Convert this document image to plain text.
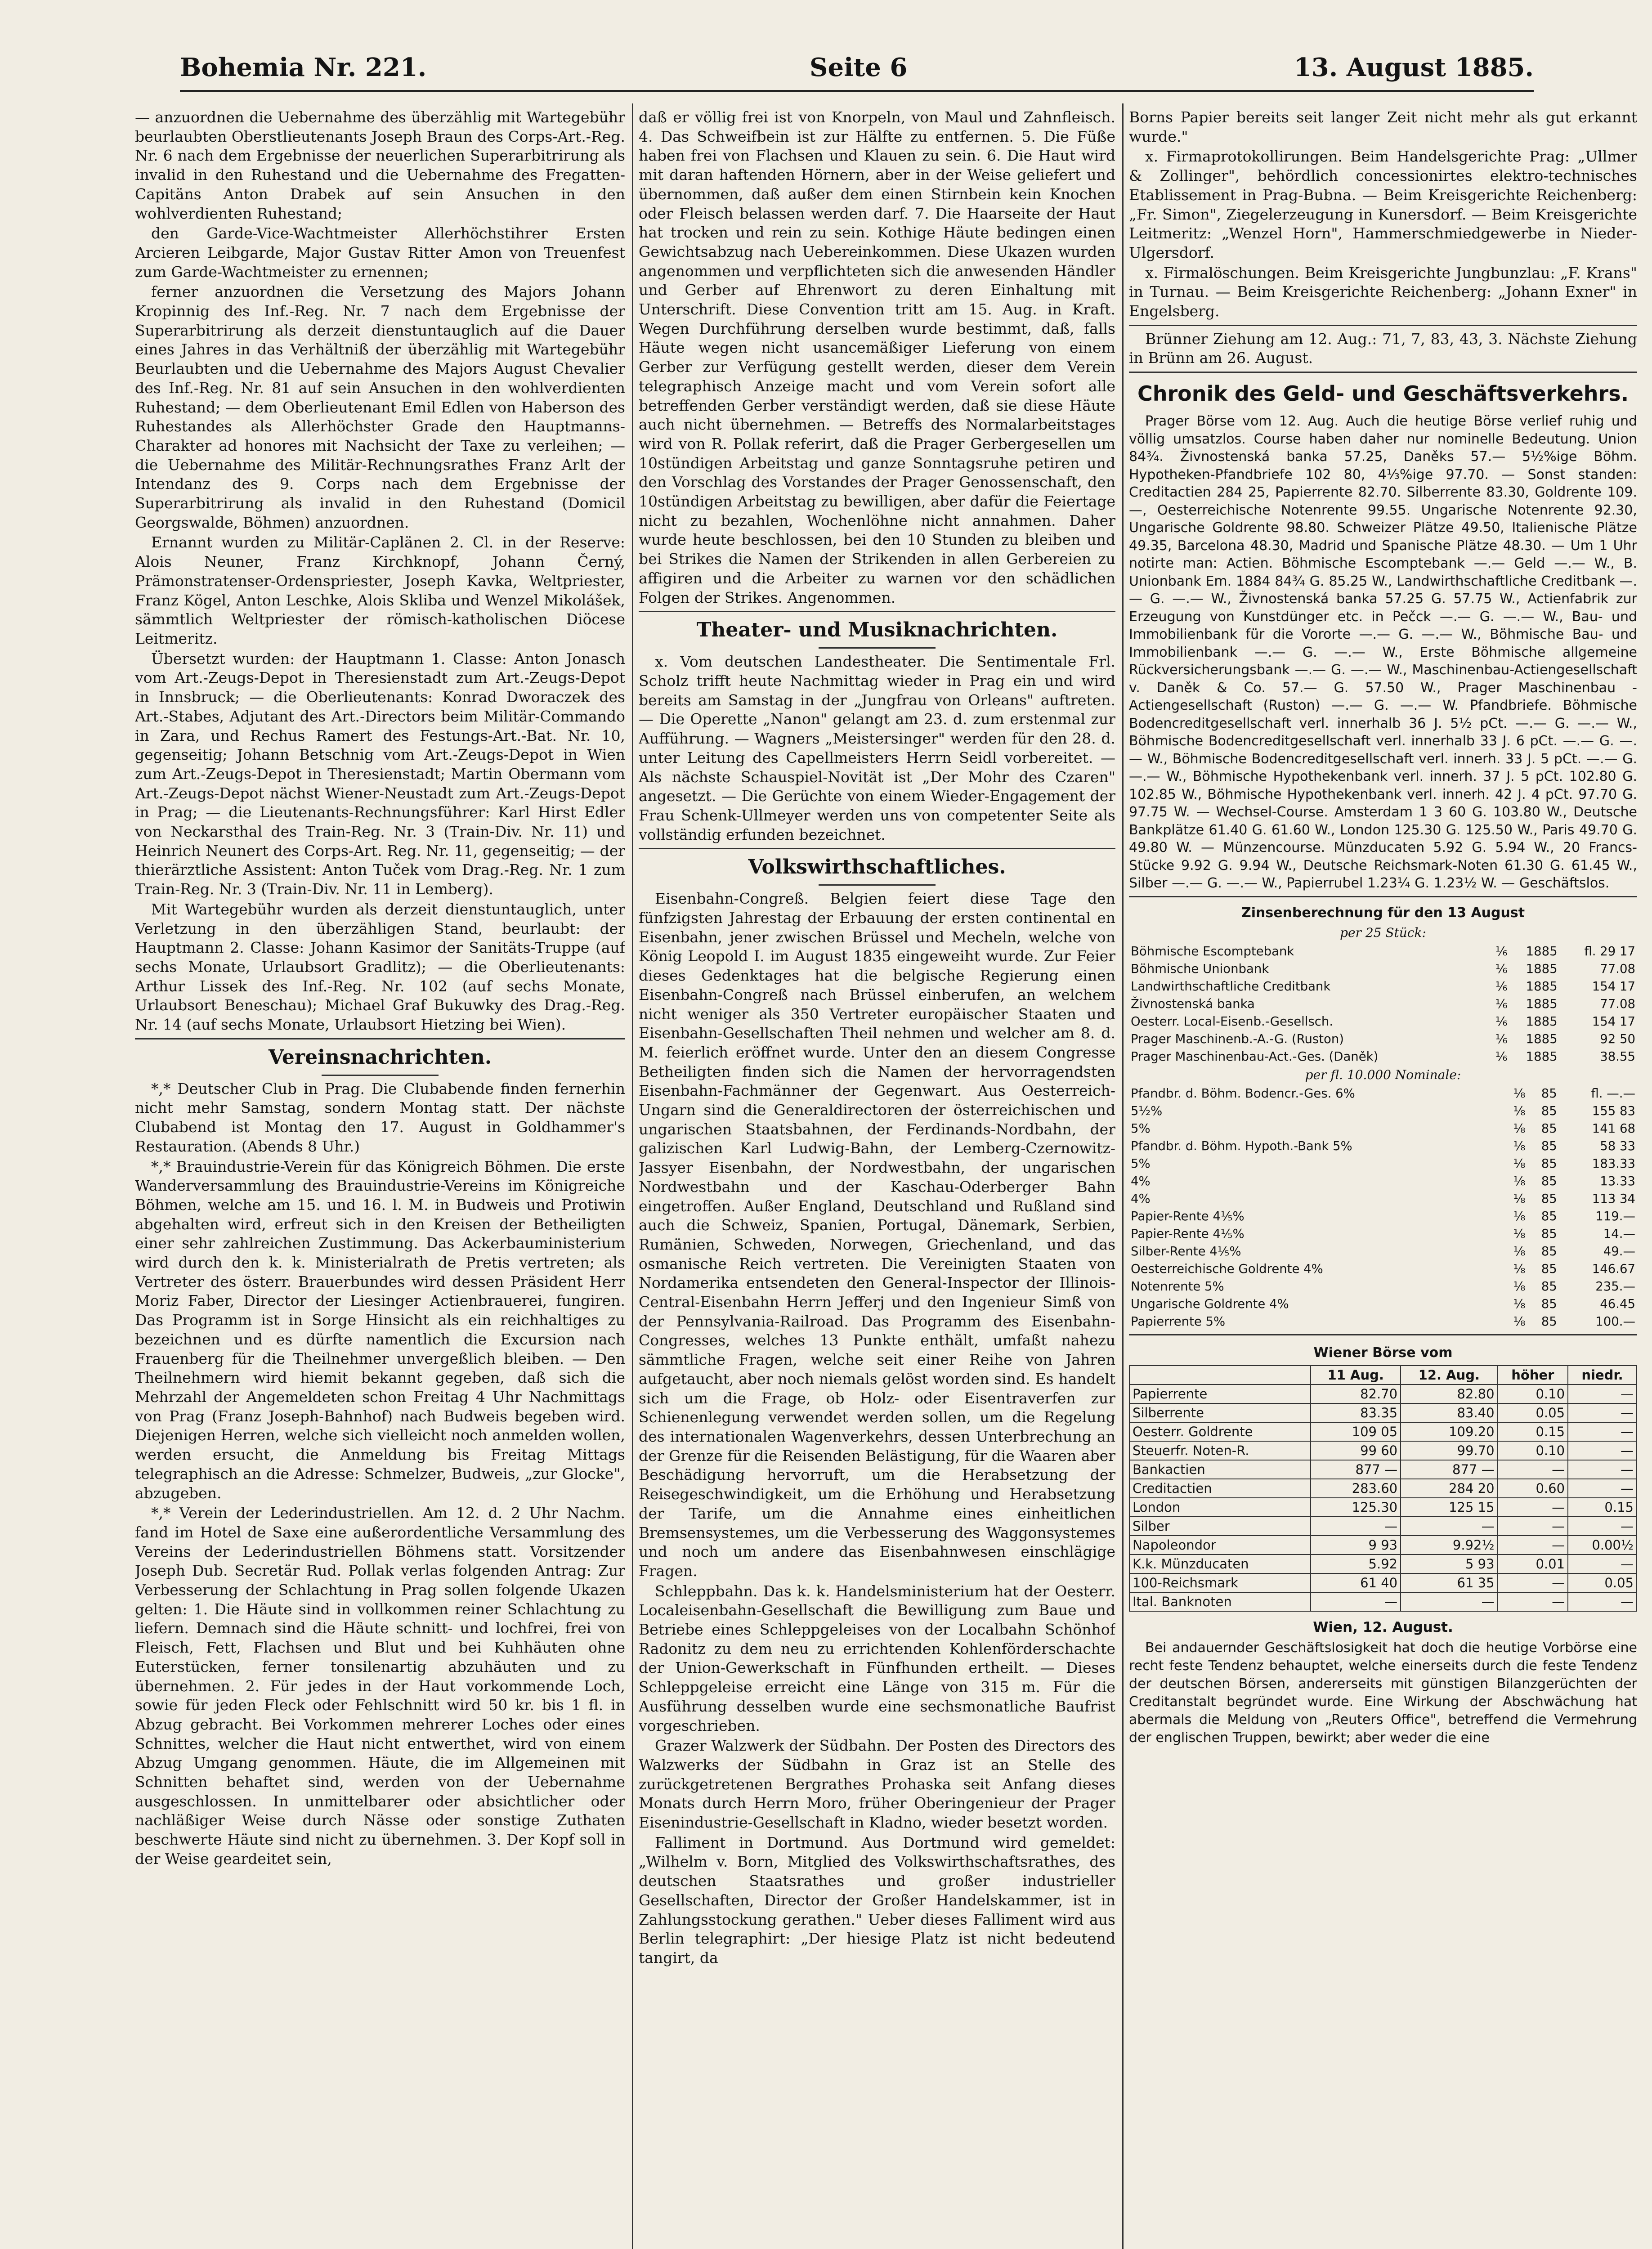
Bohemia Nr. 221.	Seite 6	13. August 1885.

— anzuordnen die Uebernahme des überzählig mit Wartegebühr beurlaubten Oberstlieutenants Joseph Braun des Corps-Art.-Reg. Nr. 6 nach dem Ergebnisse der neuerlichen Superarbitrirung als invalid in den Ruhestand und die Uebernahme des Fregatten-Capitäns Anton Drabek auf sein Ansuchen in den wohlverdienten Ruhestand;

den Garde-Vice-Wachtmeister Allerhöchstihrer Ersten Arcieren Leibgarde, Major Gustav Ritter Amon von Treuenfest zum Garde-Wachtmeister zu ernennen;

ferner anzuordnen die Versetzung des Majors Johann Kropinnig des Inf.-Reg. Nr. 7 nach dem Ergebnisse der Superarbitrirung als derzeit dienstuntauglich auf die Dauer eines Jahres in das Verhältniß der überzählig mit Wartegebühr Beurlaubten und die Uebernahme des Majors August Chevalier des Inf.-Reg. Nr. 81 auf sein Ansuchen in den wohlverdienten Ruhestand; — dem Oberlieutenant Emil Edlen von Haberson des Ruhestandes als Allerhöchster Grade den Hauptmanns-Charakter ad honores mit Nachsicht der Taxe zu verleihen; — die Uebernahme des Militär-Rechnungsrathes Franz Arlt der Intendanz des 9. Corps nach dem Ergebnisse der Superarbitrirung als invalid in den Ruhestand (Domicil Georgswalde, Böhmen) anzuordnen.

Ernannt wurden zu Militär-Caplänen 2. Cl. in der Reserve: Alois Neuner, Franz Kirchknopf, Johann Černý, Prämonstratenser-Ordenspriester, Joseph Kavka, Weltpriester, Franz Kögel, Anton Leschke, Alois Skliba und Wenzel Mikolášek, sämmtlich Weltpriester der römisch-katholischen Diöcese Leitmeritz.

Übersetzt wurden: der Hauptmann 1. Classe: Anton Jonasch vom Art.-Zeugs-Depot in Theresienstadt zum Art.-Zeugs-Depot in Innsbruck; — die Oberlieutenants: Konrad Dworaczek des Art.-Stabes, Adjutant des Art.-Directors beim Militär-Commando in Zara, und Rechus Ramert des Festungs-Art.-Bat. Nr. 10, gegenseitig; Johann Betschnig vom Art.-Zeugs-Depot in Wien zum Art.-Zeugs-Depot in Theresienstadt; Martin Obermann vom Art.-Zeugs-Depot nächst Wiener-Neustadt zum Art.-Zeugs-Depot in Prag; — die Lieutenants-Rechnungsführer: Karl Hirst Edler von Neckarsthal des Train-Reg. Nr. 3 (Train-Div. Nr. 11) und Heinrich Neunert des Corps-Art. Reg. Nr. 11, gegenseitig; — der thierärztliche Assistent: Anton Tuček vom Drag.-Reg. Nr. 1 zum Train-Reg. Nr. 3 (Train-Div. Nr. 11 in Lemberg).

Mit Wartegebühr wurden als derzeit dienstuntauglich, unter Verletzung in den überzähligen Stand, beurlaubt: der Hauptmann 2. Classe: Johann Kasimor der Sanitäts-Truppe (auf sechs Monate, Urlaubsort Gradlitz); — die Oberlieutenants: Arthur Lissek des Inf.-Reg. Nr. 102 (auf sechs Monate, Urlaubsort Beneschau); Michael Graf Bukuwky des Drag.-Reg. Nr. 14 (auf sechs Monate, Urlaubsort Hietzing bei Wien).

Vereinsnachrichten.

*,* Deutscher Club in Prag. Die Clubabende finden fernerhin nicht mehr Samstag, sondern Montag statt. Der nächste Clubabend ist Montag den 17. August in Goldhammer's Restauration. (Abends 8 Uhr.)

*,* Brauindustrie-Verein für das Königreich Böhmen. Die erste Wanderversammlung des Brauindustrie-Vereins im Königreiche Böhmen, welche am 15. und 16. l. M. in Budweis und Protiwin abgehalten wird, erfreut sich in den Kreisen der Betheiligten einer sehr zahlreichen Zustimmung. Das Ackerbauministerium wird durch den k. k. Ministerialrath de Pretis vertreten; als Vertreter des österr. Brauerbundes wird dessen Präsident Herr Moriz Faber, Director der Liesinger Actienbrauerei, fungiren. Das Programm ist in Sorge Hinsicht als ein reichhaltiges zu bezeichnen und es dürfte namentlich die Excursion nach Frauenberg für die Theilnehmer unvergeßlich bleiben. — Den Theilnehmern wird hiemit bekannt gegeben, daß sich die Mehrzahl der Angemeldeten schon Freitag 4 Uhr Nachmittags von Prag (Franz Joseph-Bahnhof) nach Budweis begeben wird. Diejenigen Herren, welche sich vielleicht noch anmelden wollen, werden ersucht, die Anmeldung bis Freitag Mittags telegraphisch an die Adresse: Schmelzer, Budweis, „zur Glocke", abzugeben.

*,* Verein der Lederindustriellen. Am 12. d. 2 Uhr Nachm. fand im Hotel de Saxe eine außerordentliche Versammlung des Vereins der Lederindustriellen Böhmens statt. Vorsitzender Joseph Dub. Secretär Rud. Pollak verlas folgenden Antrag: Zur Verbesserung der Schlachtung in Prag sollen folgende Ukazen gelten: 1. Die Häute sind in vollkommen reiner Schlachtung zu liefern. Demnach sind die Häute schnitt- und lochfrei, frei von Fleisch, Fett, Flachsen und Blut und bei Kuhhäuten ohne Euterstücken, ferner tonsilenartig abzuhäuten und zu übernehmen. 2. Für jedes in der Haut vorkommende Loch, sowie für jeden Fleck oder Fehlschnitt wird 50 kr. bis 1 fl. in Abzug gebracht. Bei Vorkommen mehrerer Loches oder eines Schnittes, welcher die Haut nicht entwerthet, wird von einem Abzug Umgang genommen. Häute, die im Allgemeinen mit Schnitten behaftet sind, werden von der Uebernahme ausgeschlossen. In unmittelbarer oder absichtlicher oder nachläßiger Weise durch Nässe oder sonstige Zuthaten beschwerte Häute sind nicht zu übernehmen. 3. Der Kopf soll in der Weise geardeitet sein,

daß er völlig frei ist von Knorpeln, von Maul und Zahnfleisch. 4. Das Schweifbein ist zur Hälfte zu entfernen. 5. Die Füße haben frei von Flachsen und Klauen zu sein. 6. Die Haut wird mit daran haftenden Hörnern, aber in der Weise geliefert und übernommen, daß außer dem einen Stirnbein kein Knochen oder Fleisch belassen werden darf. 7. Die Haarseite der Haut hat trocken und rein zu sein. Kothige Häute bedingen einen Gewichtsabzug nach Uebereinkommen. Diese Ukazen wurden angenommen und verpflichteten sich die anwesenden Händler und Gerber auf Ehrenwort zu deren Einhaltung mit Unterschrift. Diese Convention tritt am 15. Aug. in Kraft. Wegen Durchführung derselben wurde bestimmt, daß, falls Häute wegen nicht usancemäßiger Lieferung von einem Gerber zur Verfügung gestellt werden, dieser dem Verein telegraphisch Anzeige macht und vom Verein sofort alle betreffenden Gerber verständigt werden, daß sie diese Häute auch nicht übernehmen. — Betreffs des Normalarbeitstages wird von R. Pollak referirt, daß die Prager Gerbergesellen um 10stündigen Arbeitstag und ganze Sonntagsruhe petiren und den Vorschlag des Vorstandes der Prager Genossenschaft, den 10stündigen Arbeitstag zu bewilligen, aber dafür die Feiertage nicht zu bezahlen, Wochenlöhne nicht annahmen. Daher wurde heute beschlossen, bei den 10 Stunden zu bleiben und bei Strikes die Namen der Strikenden in allen Gerbereien zu affigiren und die Arbeiter zu warnen vor den schädlichen Folgen der Strikes. Angenommen.

Theater- und Musiknachrichten.

x. Vom deutschen Landestheater. Die Sentimentale Frl. Scholz trifft heute Nachmittag wieder in Prag ein und wird bereits am Samstag in der „Jungfrau von Orleans" auftreten. — Die Operette „Nanon" gelangt am 23. d. zum erstenmal zur Aufführung. — Wagners „Meistersinger" werden für den 28. d. unter Leitung des Capellmeisters Herrn Seidl vorbereitet. — Als nächste Schauspiel-Novität ist „Der Mohr des Czaren" angesetzt. — Die Gerüchte von einem Wieder-Engagement der Frau Schenk-Ullmeyer werden uns von competenter Seite als vollständig erfunden bezeichnet.

Volkswirthschaftliches.

Eisenbahn-Congreß. Belgien feiert diese Tage den fünfzigsten Jahrestag der Erbauung der ersten continental en Eisenbahn, jener zwischen Brüssel und Mecheln, welche von König Leopold I. im August 1835 eingeweiht wurde. Zur Feier dieses Gedenktages hat die belgische Regierung einen Eisenbahn-Congreß nach Brüssel einberufen, an welchem nicht weniger als 350 Vertreter europäischer Staaten und Eisenbahn-Gesellschaften Theil nehmen und welcher am 8. d. M. feierlich eröffnet wurde. Unter den an diesem Congresse Betheiligten finden sich die Namen der hervorragendsten Eisenbahn-Fachmänner der Gegenwart. Aus Oesterreich-Ungarn sind die Generaldirectoren der österreichischen und ungarischen Staatsbahnen, der Ferdinands-Nordbahn, der galizischen Karl Ludwig-Bahn, der Lemberg-Czernowitz-Jassyer Eisenbahn, der Nordwestbahn, der ungarischen Nordwestbahn und der Kaschau-Oderberger Bahn eingetroffen. Außer England, Deutschland und Rußland sind auch die Schweiz, Spanien, Portugal, Dänemark, Serbien, Rumänien, Schweden, Norwegen, Griechenland, und das osmanische Reich vertreten. Die Vereinigten Staaten von Nordamerika entsendeten den General-Inspector der Illinois-Central-Eisenbahn Herrn Jefferj und den Ingenieur Simß von der Pennsylvania-Railroad. Das Programm des Eisenbahn-Congresses, welches 13 Punkte enthält, umfaßt nahezu sämmtliche Fragen, welche seit einer Reihe von Jahren aufgetaucht, aber noch niemals gelöst worden sind. Es handelt sich um die Frage, ob Holz- oder Eisentraverfen zur Schienenlegung verwendet werden sollen, um die Regelung des internationalen Wagenverkehrs, dessen Unterbrechung an der Grenze für die Reisenden Belästigung, für die Waaren aber Beschädigung hervorruft, um die Herabsetzung der Reisegeschwindigkeit, um die Erhöhung und Herabsetzung der Tarife, um die Annahme eines einheitlichen Bremsensystemes, um die Verbesserung des Waggonsystemes und noch um andere das Eisenbahnwesen einschlägige Fragen.

Schleppbahn. Das k. k. Handelsministerium hat der Oesterr. Localeisenbahn-Gesellschaft die Bewilligung zum Baue und Betriebe eines Schleppgeleises von der Localbahn Schönhof Radonitz zu dem neu zu errichtenden Kohlenförderschachte der Union-Gewerkschaft in Fünfhunden ertheilt. — Dieses Schleppgeleise erreicht eine Länge von 315 m. Für die Ausführung desselben wurde eine sechsmonatliche Baufrist vorgeschrieben.

Grazer Walzwerk der Südbahn. Der Posten des Directors des Walzwerks der Südbahn in Graz ist an Stelle des zurückgetretenen Bergrathes Prohaska seit Anfang dieses Monats durch Herrn Moro, früher Oberingenieur der Prager Eisenindustrie-Gesellschaft in Kladno, wieder besetzt worden.

Falliment in Dortmund. Aus Dortmund wird gemeldet: „Wilhelm v. Born, Mitglied des Volkswirthschaftsrathes, des deutschen Staatsrathes und großer industrieller Gesellschaften, Director der Großer Handelskammer, ist in Zahlungsstockung gerathen." Ueber dieses Falliment wird aus Berlin telegraphirt: „Der hiesige Platz ist nicht bedeutend tangirt, da

Borns Papier bereits seit langer Zeit nicht mehr als gut erkannt wurde."

x. Firmaprotokollirungen. Beim Handelsgerichte Prag: „Ullmer & Zollinger", behördlich concessionirtes elektro-technisches Etablissement in Prag-Bubna. — Beim Kreisgerichte Reichenberg: „Fr. Simon", Ziegelerzeugung in Kunersdorf. — Beim Kreisgerichte Leitmeritz: „Wenzel Horn", Hammerschmiedgewerbe in Nieder-Ulgersdorf.

x. Firmalöschungen. Beim Kreisgerichte Jungbunzlau: „F. Krans" in Turnau. — Beim Kreisgerichte Reichenberg: „Johann Exner" in Engelsberg.

Brünner Ziehung am 12. Aug.: 71, 7, 83, 43, 3. Nächste Ziehung in Brünn am 26. August.

Chronik des Geld- und Geschäftsverkehrs.

Prager Börse vom 12. Aug. Auch die heutige Börse verlief ruhig und völlig umsatzlos. Course haben daher nur nominelle Bedeutung. Union 84¾. Živnostenská banka 57.25, Daněks 57.— 5½%ige Böhm. Hypotheken-Pfandbriefe 102 80, 4⅓%ige 97.70. — Sonst standen: Creditactien 284 25, Papierrente 82.70. Silberrente 83.30, Goldrente 109.—, Oesterreichische Notenrente 99.55. Ungarische Notenrente 92.30, Ungarische Goldrente 98.80. Schweizer Plätze 49.50, Italienische Plätze 49.35, Barcelona 48.30, Madrid und Spanische Plätze 48.30. — Um 1 Uhr notirte man: Actien. Böhmische Escomptebank —.— Geld —.— W., B. Unionbank Em. 1884 84¾ G. 85.25 W., Landwirthschaftliche Creditbank —.— G. —.— W., Živnostenská banka 57.25 G. 57.75 W., Actienfabrik zur Erzeugung von Kunstdünger etc. in Pečck —.— G. —.— W., Bau- und Immobilienbank für die Vororte —.— G. —.— W., Böhmische Bau- und Immobilienbank —.— G. —.— W., Erste Böhmische allgemeine Rückversicherungsbank —.— G. —.— W., Maschinenbau-Actiengesellschaft v. Daněk & Co. 57.— G. 57.50 W., Prager Maschinenbau - Actiengesellschaft (Ruston) —.— G. —.— W. Pfandbriefe. Böhmische Bodencreditgesellschaft verl. innerhalb 36 J. 5½ pCt. —.— G. —.— W., Böhmische Bodencreditgesellschaft verl. innerhalb 33 J. 6 pCt. —.— G. —.— W., Böhmische Bodencreditgesellschaft verl. innerh. 33 J. 5 pCt. —.— G. —.— W., Böhmische Hypothekenbank verl. innerh. 37 J. 5 pCt. 102.80 G. 102.85 W., Böhmische Hypothekenbank verl. innerh. 42 J. 4 pCt. 97.70 G. 97.75 W. — Wechsel-Course. Amsterdam 1 3 60 G. 103.80 W., Deutsche Bankplätze 61.40 G. 61.60 W., London 125.30 G. 125.50 W., Paris 49.70 G. 49.80 W. — Münzencourse. Münzducaten 5.92 G. 5.94 W., 20 Francs-Stücke 9.92 G. 9.94 W., Deutsche Reichsmark-Noten 61.30 G. 61.45 W., Silber —.— G. —.— W., Papierrubel 1.23¼ G. 1.23½ W. — Geschäftslos.

Zinsenberechnung für den 13 August
per 25 Stück:
Böhmische Escomptebank	⅙	1885	fl. 29 17
Böhmische Unionbank	⅙	1885	77.08
Landwirthschaftliche Creditbank	⅙	1885	154 17
Živnostenská banka	⅙	1885	77.08
Oesterr. Local-Eisenb.-Gesellsch.	⅙	1885	154 17
Prager Maschinenb.-A.-G. (Ruston)	⅙	1885	92 50
Prager Maschinenbau-Act.-Ges. (Daněk)	⅙	1885	38.55
per fl. 10.000 Nominale:
Pfandbr. d. Böhm. Bodencr.-Ges. 6%	⅛	85	fl. —.—
5½%	⅛	85	155 83
5%	⅛	85	141 68
Pfandbr. d. Böhm. Hypoth.-Bank 5%	⅛	85	58 33
5%	⅛	85	183.33
4%	⅛	85	13.33
4%	⅛	85	113 34
Papier-Rente 4⅕%	⅛	85	119.—
Papier-Rente 4⅕%	⅛	85	14.—
Silber-Rente 4⅕%	⅛	85	49.—
Oesterreichische Goldrente 4%	⅛	85	146.67
Notenrente 5%	⅛	85	235.—
Ungarische Goldrente 4%	⅛	85	46.45
Papierrente 5%	⅛	85	100.—
Wiener Börse vom
	11 Aug.	12. Aug.	höher	niedr.
Papierrente	82.70	82.80	0.10	—
Silberrente	83.35	83.40	0.05	—
Oesterr. Goldrente	109 05	109.20	0.15	—
Steuerfr. Noten-R.	99 60	99.70	0.10	—
Bankactien	877 —	877 —	—	—
Creditactien	283.60	284 20	0.60	—
London	125.30	125 15	—	0.15
Silber	—	—	—	—
Napoleondor	9 93	9.92½	—	0.00½
K.k. Münzducaten	5.92	5 93	0.01	—
100-Reichsmark	61 40	61 35	—	0.05
Ital. Banknoten	—	—	—	—
Wien, 12. August.

Bei andauernder Geschäftslosigkeit hat doch die heutige Vorbörse eine recht feste Tendenz behauptet, welche einerseits durch die feste Tendenz der deutschen Börsen, andererseits mit günstigen Bilanzgerüchten der Creditanstalt begründet wurde. Eine Wirkung der Abschwächung hat abermals die Meldung von „Reuters Office", betreffend die Vermehrung der englischen Truppen, bewirkt; aber weder die eine
